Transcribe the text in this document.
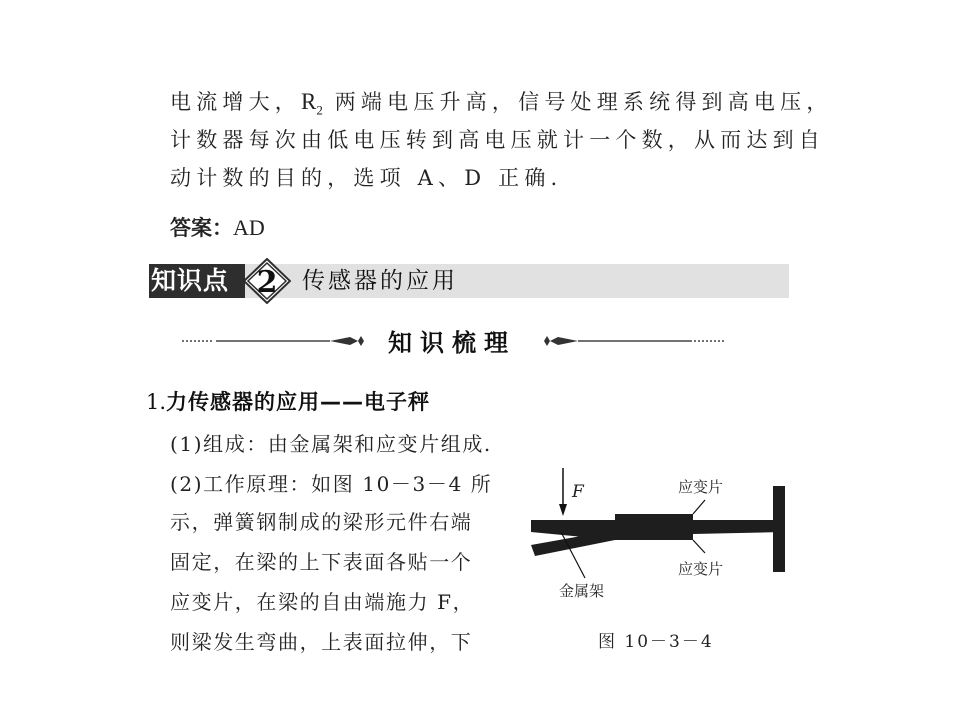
电流增大，$R_2$ 两端电压升高，信号处理系统得到高电压，
计数器每次由低电压转到高电压就计一个数，从而达到自
动计数的目的，选项 A、D 正确.
答案：AD
知识点 2 传感器的应用
知识梳理
1.力传感器的应用——电子秤
(1)组成：由金属架和应变片组成.
(2)工作原理：如图 10－3－4 所
示，弹簧钢制成的梁形元件右端
固定，在梁的上下表面各贴一个
应变片，在梁的自由端施力 F，
则梁发生弯曲，上表面拉伸，下
F	应变片
应变片
金属架
图 10－3－4
